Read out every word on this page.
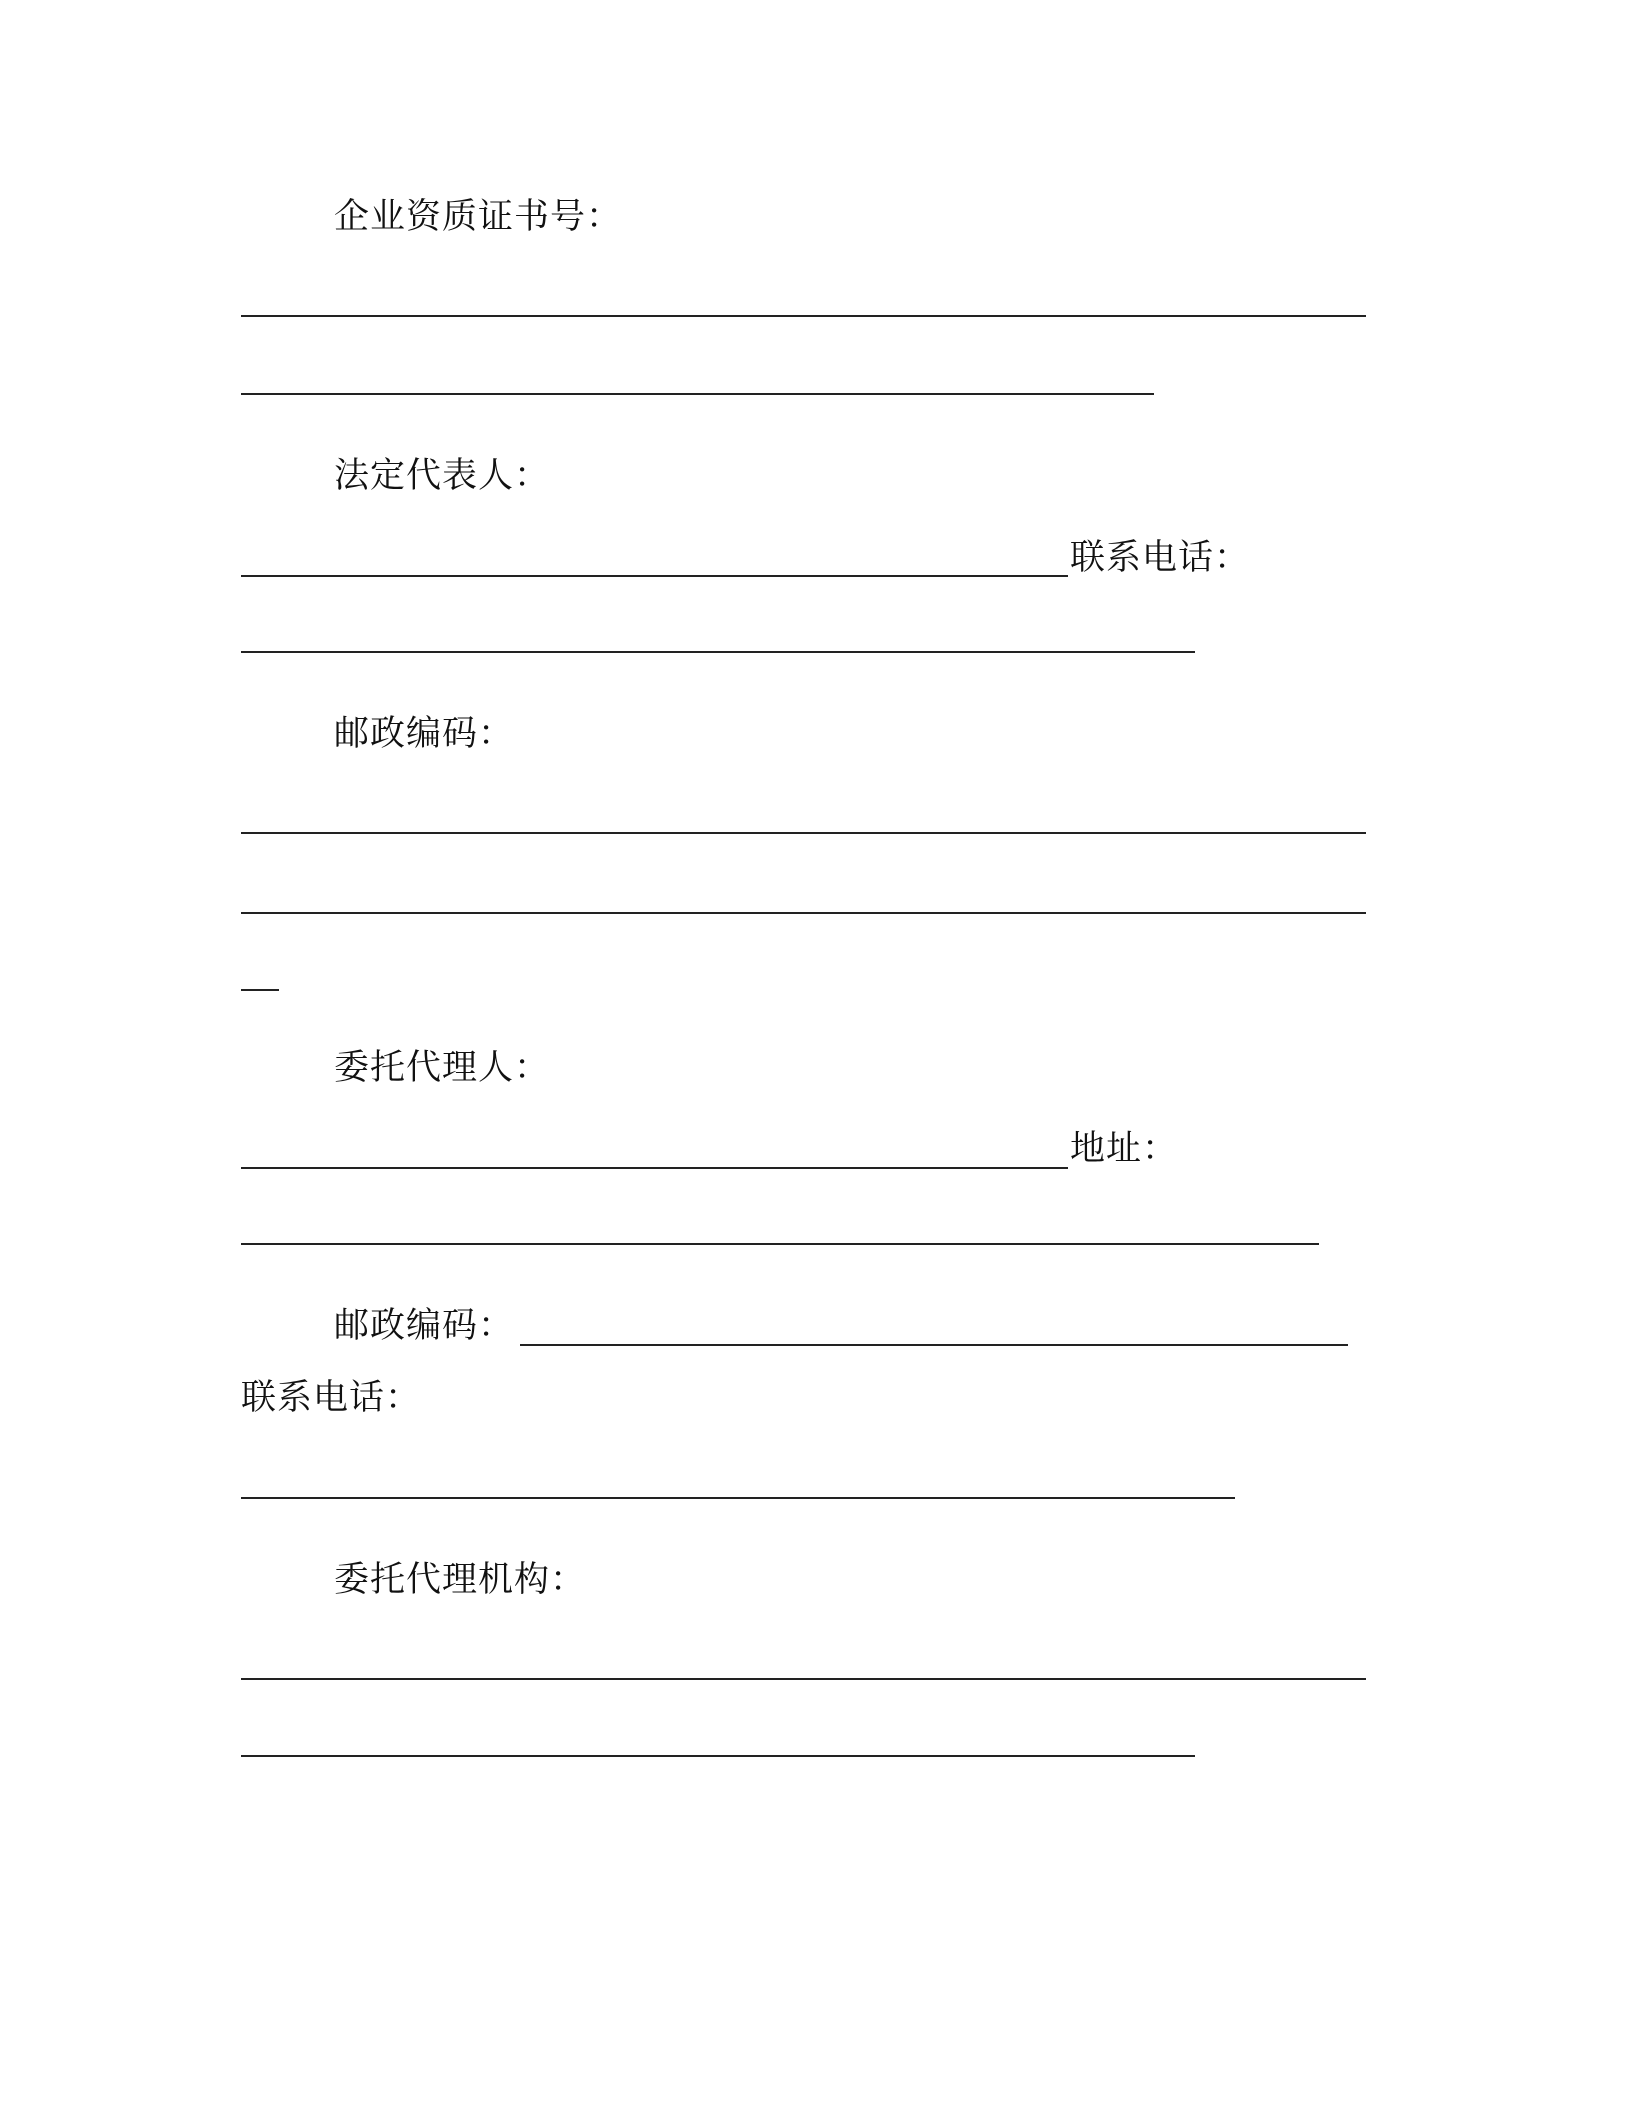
企业资质证书号：
法定代表人：
联系电话：
邮政编码：
委托代理人：
地址：
邮政编码：
联系电话：
委托代理机构：
